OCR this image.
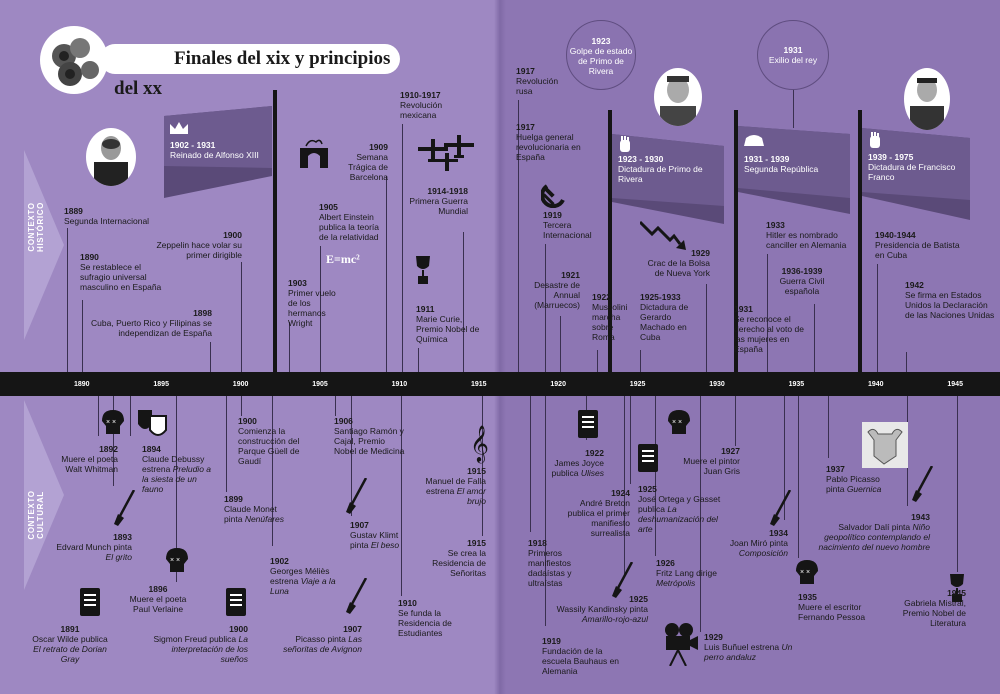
Finales del xix y principios del xx
CONTEXTO HISTÓRICO
CONTEXTO CULTURAL
1890	1895	1900	1905	1910	1915	1920	1925	1930	1935	1940	1945
1902 - 1931
Reinado de Alfonso XIII	1923 - 1930
Dictadura de Primo de Rivera
1931 - 1939
Segunda República
1939 - 1975
Dictadura de Francisco Franco
1923
Golpe de estado de Primo de Rivera
1931
Exilio del rey
E=mc²
× ×
× ×
𝄞
× ×
× ×
1889
Segunda Internacional
1890
Se restablece el sufragio universal masculino en España
1898
Cuba, Puerto Rico y Filipinas se independizan de España
1900
Zeppelin hace volar su primer dirigible
1903
Primer vuelo de los hermanos Wright
1905
Albert Einstein publica la teoría de la relatividad
1909
Semana Trágica de Barcelona
1910-1917
Revolución mexicana
1914-1918
Primera Guerra Mundial
1911
Marie Curie, Premio Nobel de Química
1917
Revolución rusa
1917
Huelga general revolucionaria en España
1919
Tercera Internacional
1921
Desastre de Annual (Marruecos)
1922
Mussolini marcha sobre Roma
1925-1933
Dictadura de Gerardo Machado en Cuba
1929
Crac de la Bolsa de Nueva York
1931
Se reconoce el derecho al voto de las mujeres en España
1933
Hitler es nombrado canciller en Alemania
1936-1939
Guerra Civil española
1940-1944
Presidencia de Batista en Cuba
1942
Se firma en Estados Unidos la Declaración de las Naciones Unidas
1892
Muere el poeta Walt Whitman
1894
Claude Debussy estrena Preludio a la siesta de un fauno
1893
Edvard Munch pinta El grito
1896
Muere el poeta Paul Verlaine
1891
Oscar Wilde publica El retrato de Dorian Gray
1900
Comienza la construcción del Parque Güell de Gaudí
1899
Claude Monet pinta Nenúfares
1902
Georges Méliès estrena Viaje a la Luna
1900
Sigmon Freud publica La interpretación de los sueños
1906
Santiago Ramón y Cajal, Premio Nobel de Medicina
1907
Gustav Klimt pinta El beso
1907
Picasso pinta Las señoritas de Avignon
1910
Se funda la Residencia de Estudiantes
1915
Manuel de Falla estrena El amor brujo
1915
Se crea la Residencia de Señoritas
1922
James Joyce publica Ulises
1924
André Breton publica el primer manifiesto surrealista
1918
Primeros manifiestos dadaístas y ultraístas
1925
José Ortega y Gasset publica La deshumanización del arte
1925
Wassily Kandinsky pinta Amarillo-rojo-azul
1919
Fundación de la escuela Bauhaus en Alemania
1927
Muere el pintor Juan Gris
1926
Fritz Lang dirige Metrópolis
1929
Luis Buñuel estrena Un perro andaluz
1934
Joan Miró pinta Composición
1935
Muere el escritor Fernando Pessoa
1937
Pablo Picasso pinta Guernica
1943
Salvador Dalí pinta Niño geopolítico contemplando el nacimiento del nuevo hombre
1945
Gabriela Mistral, Premio Nobel de Literatura
